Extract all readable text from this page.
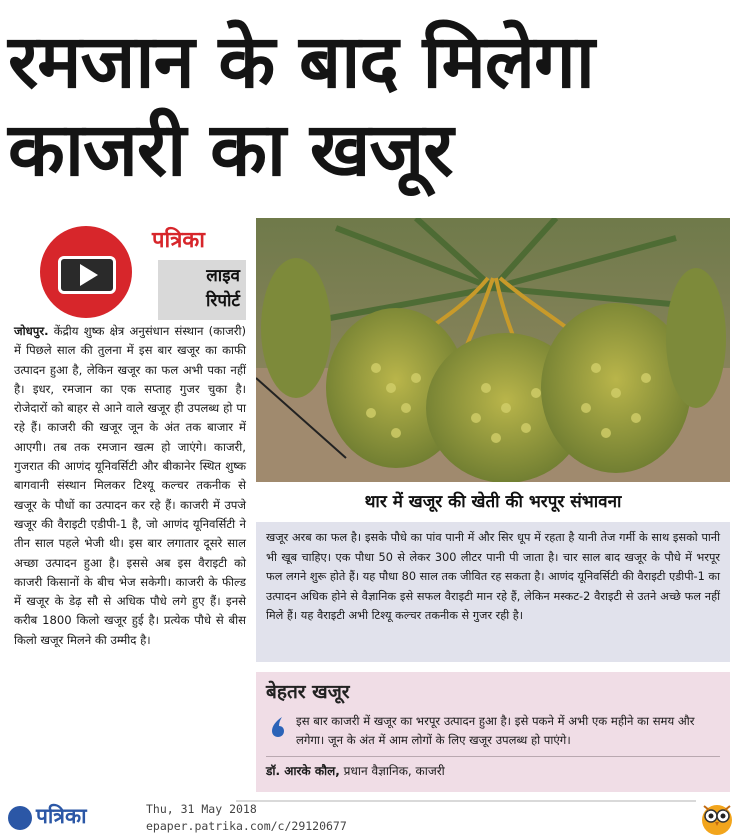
रमजान के बाद मिलेगा
काजरी का खजूर
पत्रिका
लाइव
रिपोर्ट
जोधपुर. केंद्रीय शुष्क क्षेत्र अनुसंधान संस्थान (काजरी) में पिछले साल की तुलना में इस बार खजूर का काफी उत्पादन हुआ है, लेकिन खजूर का फल अभी पका नहीं है। इधर, रमजान का एक सप्ताह गुजर चुका है। रोजेदारों को बाहर से आने वाले खजूर ही उपलब्ध हो पा रहे हैं। काजरी की खजूर जून के अंत तक बाजार में आएगी। तब तक रमजान खत्म हो जाएंगे। काजरी, गुजरात की आणंद यूनिवर्सिटी और बीकानेर स्थित शुष्क बागवानी संस्थान मिलकर टिश्यू कल्चर तकनीक से खजूर के पौधों का उत्पादन कर रहे हैं। काजरी में उपजे खजूर की वैराइटी एडीपी-1 है, जो आणंद यूनिवर्सिटी ने तीन साल पहले भेजी थी। इस बार लगातार दूसरे साल अच्छा उत्पादन हुआ है। इससे अब इस वैराइटी को काजरी किसानों के बीच भेज सकेगी। काजरी के फील्ड में खजूर के डेढ़ सौ से अधिक पौधे लगे हुए हैं। इनसे करीब 1800 किलो खजूर हुई है। प्रत्येक पौधे से बीस किलो खजूर मिलने की उम्मीद है।
थार में खजूर की खेती की भरपूर संभावना
खजूर अरब का फल है। इसके पौधे का पांव पानी में और सिर धूप में रहता है यानी तेज गर्मी के साथ इसको पानी भी खूब चाहिए। एक पौधा 50 से लेकर 300 लीटर पानी पी जाता है। चार साल बाद खजूर के पौधे में भरपूर फल लगने शुरू होते हैं। यह पौधा 80 साल तक जीवित रह सकता है। आणंद यूनिवर्सिटी की वैराइटी एडीपी-1 का उत्पादन अधिक होने से वैज्ञानिक इसे सफल वैराइटी मान रहे हैं, लेकिन मस्कट-2 वैराइटी से उतने अच्छे फल नहीं मिले हैं। यह वैराइटी अभी टिश्यू कल्चर तकनीक से गुजर रही है।
बेहतर खजूर
इस बार काजरी में खजूर का भरपूर उत्पादन हुआ है। इसे पकने में अभी एक महीने का समय और लगेगा। जून के अंत में आम लोगों के लिए खजूर उपलब्ध हो पाएंगे।
डॉ. आरके कौल, प्रधान वैज्ञानिक, काजरी
पत्रिका	Thu, 31 May 2018
epaper.patrika.com/c/29120677
